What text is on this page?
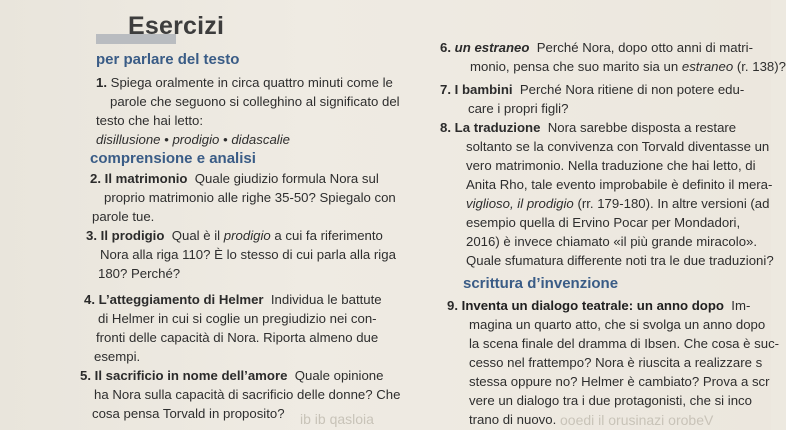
Esercizi
per parlare del testo
1. Spiega oralmente in circa quattro minuti come le
parole che seguono si colleghino al significato del
testo che hai letto:
disillusione • prodigio • didascalie
comprensione e analisi
2. Il matrimonio Quale giudizio formula Nora sul
proprio matrimonio alle righe 35-50? Spiegalo con
parole tue.
3. Il prodigio Qual è il prodigio a cui fa riferimento
Nora alla riga 110? È lo stesso di cui parla alla riga
180? Perché?
4. L’atteggiamento di Helmer Individua le battute
di Helmer in cui si coglie un pregiudizio nei con-
fronti delle capacità di Nora. Riporta almeno due
esempi.
5. Il sacrificio in nome dell’amore Quale opinione
ha Nora sulla capacità di sacrificio delle donne? Che
cosa pensa Torvald in proposito?	ib ib qasloia
6. un estraneo Perché Nora, dopo otto anni di matri-
monio, pensa che suo marito sia un estraneo (r. 138)?
7. I bambini Perché Nora ritiene di non potere edu-
care i propri figli?
8. La traduzione Nora sarebbe disposta a restare
soltanto se la convivenza con Torvald diventasse un
vero matrimonio. Nella traduzione che hai letto, di
Anita Rho, tale evento improbabile è definito il mera-
viglioso, il prodigio (rr. 179-180). In altre versioni (ad
esempio quella di Ervino Pocar per Mondadori,
2016) è invece chiamato «il più grande miracolo».
Quale sfumatura differente noti tra le due traduzioni?
scrittura d’invenzione
9. Inventa un dialogo teatrale: un anno dopo Im-
magina un quarto atto, che si svolga un anno dopo
la scena finale del dramma di Ibsen. Che cosa è suc-
cesso nel frattempo? Nora è riuscita a realizzare s
stessa oppure no? Helmer è cambiato? Prova a scr
vere un dialogo tra i due protagonisti, che si inco
trano di nuovo. ooedi il orusinazi orobeV
